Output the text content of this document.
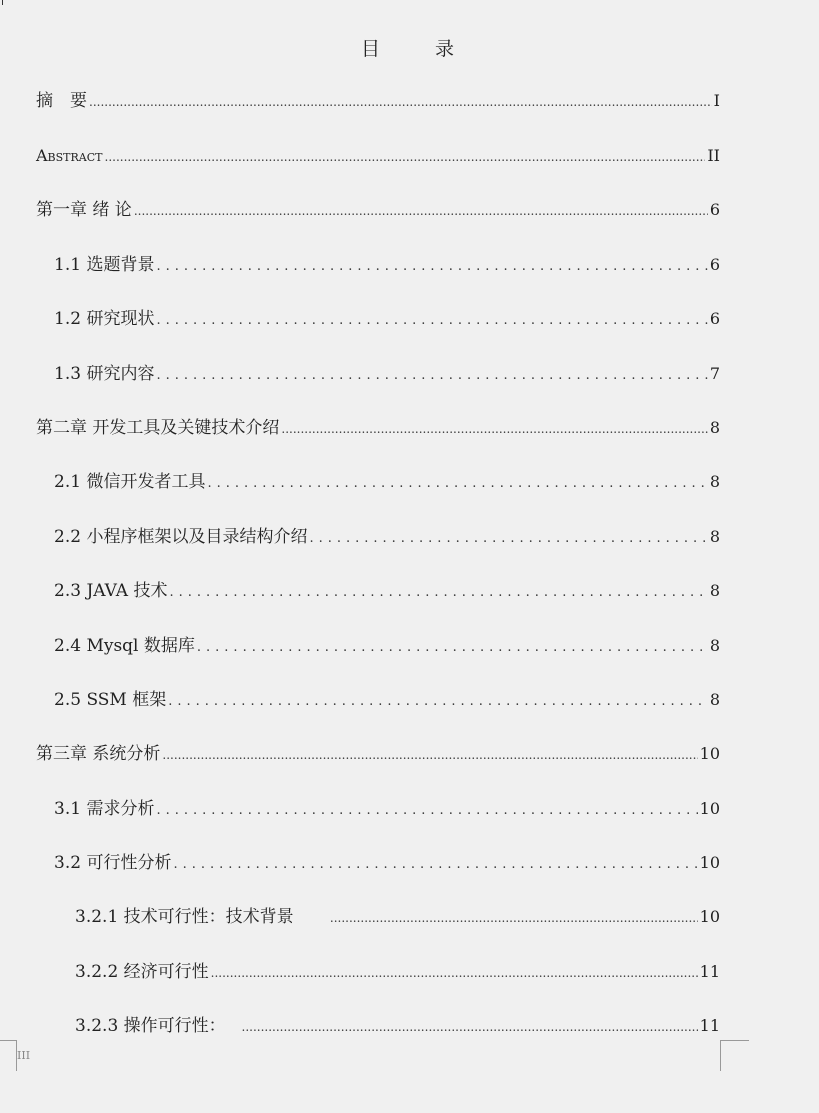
目　录
摘　要 .....	I
Abstract .....	II
第一章 绪 论 .....	6
1.1 选题背景 .....	6
1.2 研究现状 .....	6
1.3 研究内容 .....	7
第二章 开发工具及关键技术介绍 .....	8
2.1 微信开发者工具 .....	8
2.2 小程序框架以及目录结构介绍 .....	8
2.3 JAVA 技术 .....	8
2.4 Mysql 数据库 .....	8
2.5 SSM 框架 .....	8
第三章 系统分析 .....	10
3.1 需求分析 .....	10
3.2 可行性分析 .....	10
3.2.1 技术可行性：技术背景 .....	10
3.2.2 经济可行性 .....	11
3.2.3 操作可行性： .....	11
III
